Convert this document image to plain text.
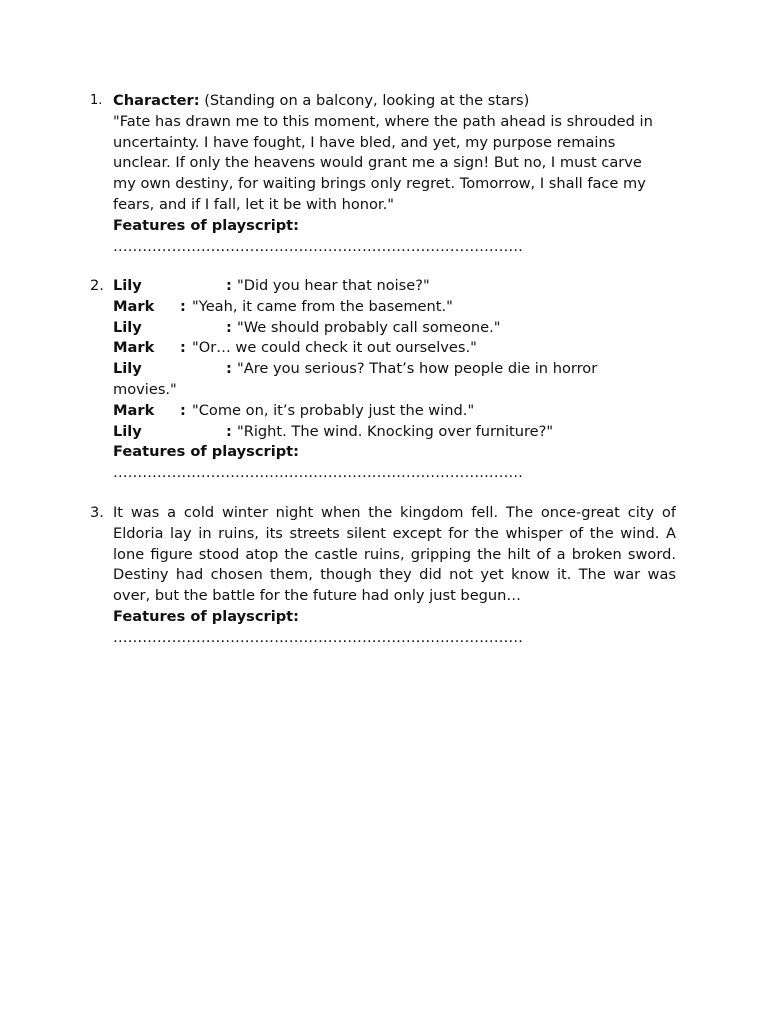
1. Character: (Standing on a balcony, looking at the stars)
"Fate has drawn me to this moment, where the path ahead is shrouded in
uncertainty. I have fought, I have bled, and yet, my purpose remains
unclear. If only the heavens would grant me a sign! But no, I must carve
my own destiny, for waiting brings only regret. Tomorrow, I shall face my
fears, and if I fall, let it be with honor."
Features of playscript:
…………………………………………………………………………
2. Lily	: "Did you hear that noise?"
Mark : "Yeah, it came from the basement."
Lily	: "We should probably call someone."
Mark : "Or… we could check it out ourselves."
Lily	: "Are you serious? That’s how people die in horror
movies."
Mark : "Come on, it’s probably just the wind."
Lily	: "Right. The wind. Knocking over furniture?"
Features of playscript:
…………………………………………………………………………
3. It was a cold winter night when the kingdom fell. The once-great city of
Eldoria lay in ruins, its streets silent except for the whisper of the wind. A
lone figure stood atop the castle ruins, gripping the hilt of a broken sword.
Destiny had chosen them, though they did not yet know it. The war was
over, but the battle for the future had only just begun…
Features of playscript:
…………………………………………………………………………
